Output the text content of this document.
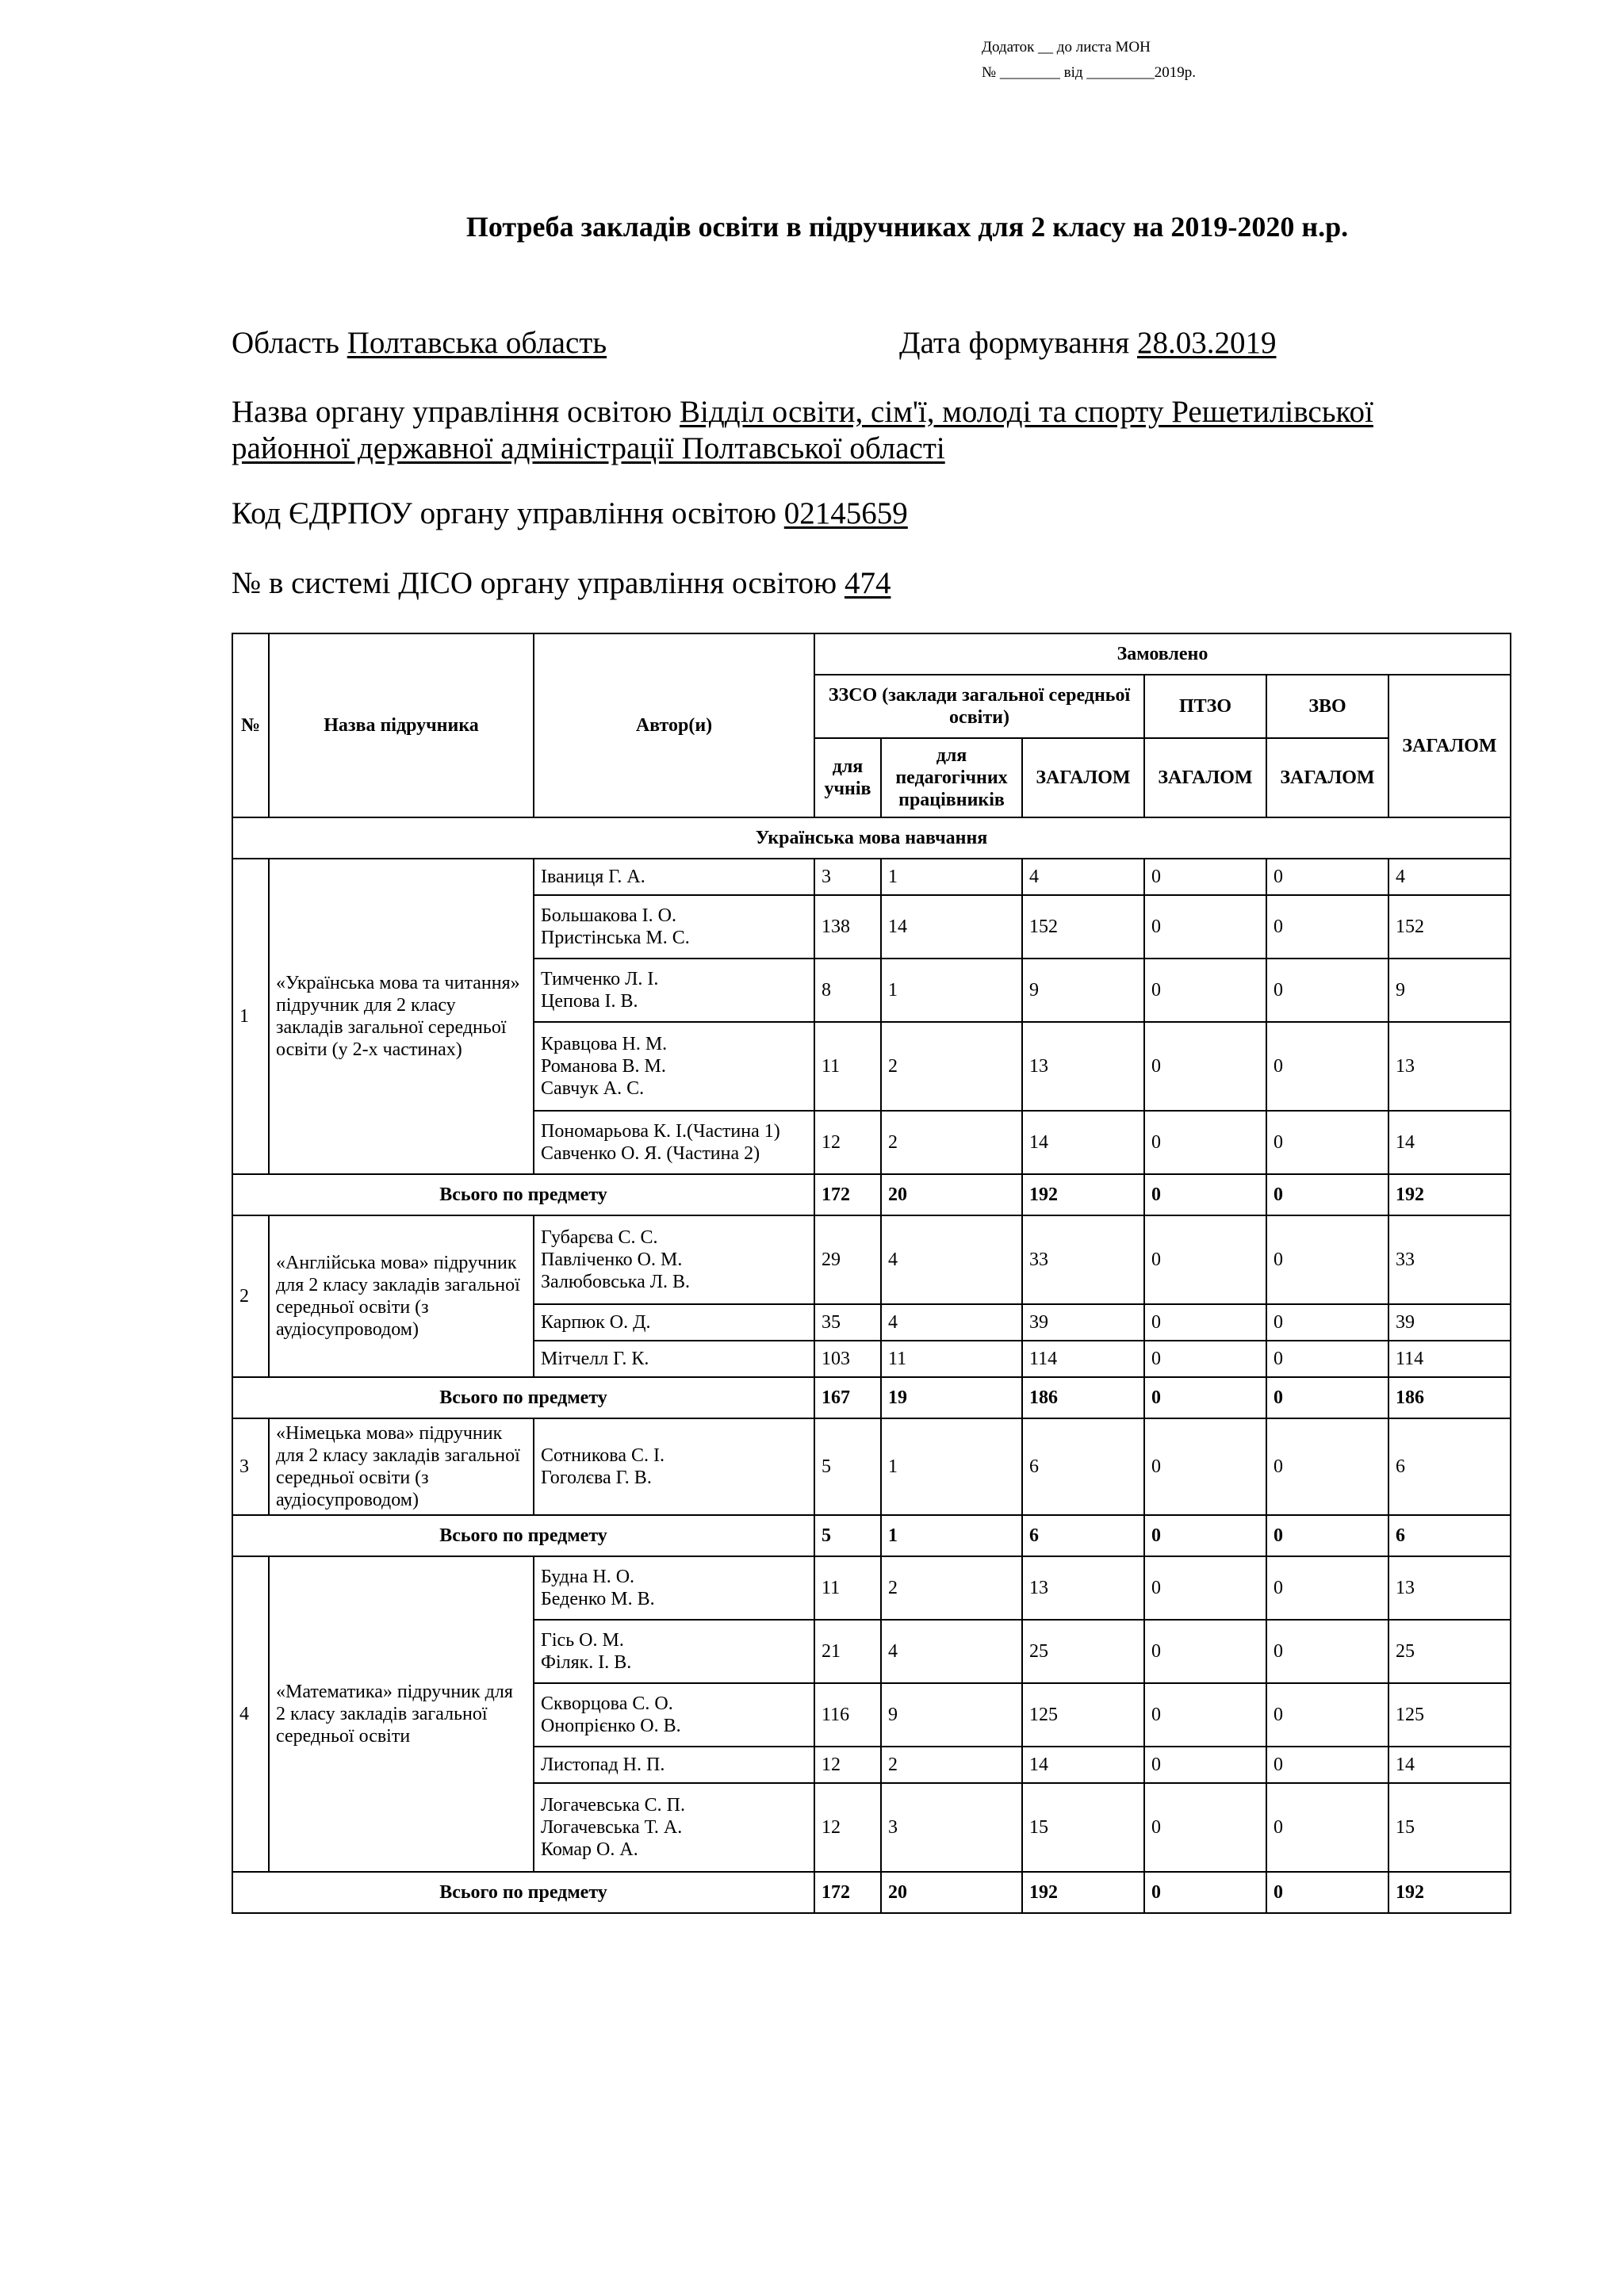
Додаток __ до листа МОН
№ ________ від _________2019р.
Потреба закладів освіти в підручниках для 2 класу на 2019-2020 н.р.
Область Полтавська область	Дата формування 28.03.2019
Назва органу управління освітою Відділ освіти, сім'ї, молоді та спорту Решетилівської районної державної адміністрації Полтавської області
Код ЄДРПОУ органу управління освітою 02145659
№ в системі ДІСО органу управління освітою 474
№	Назва підручника	Автор(и)	Замовлено					
			ЗЗСО (заклади загальної середньої освіти)			ПТЗО	ЗВО	ЗАГАЛОМ
			для учнів	для педагогічних працівників	ЗАГАЛОМ	ЗАГАЛОМ	ЗАГАЛОМ	
Українська мова навчання								
1	«Українська мова та читання» підручник для 2 класу закладів загальної середньої освіти (у 2-х частинах)	Іваниця Г. А.	3	1	4	0	0	4
		Большакова І. О.
Пристінська М. С.	138	14	152	0	0	152
		Тимченко Л. І.
Цепова І. В.	8	1	9	0	0	9
		Кравцова Н. М.
Романова В. М.
Савчук А. С.	11	2	13	0	0	13
		Пономарьова К. І.(Частина 1)
Савченко О. Я. (Частина 2)	12	2	14	0	0	14
Всього по предмету			172	20	192	0	0	192
2	«Англійська мова» підручник для 2 класу закладів загальної середньої освіти (з аудіосупроводом)	Губарєва С. С.
Павліченко О. М.
Залюбовська Л. В.	29	4	33	0	0	33
		Карпюк О. Д.	35	4	39	0	0	39
		Мітчелл Г. К.	103	11	114	0	0	114
Всього по предмету			167	19	186	0	0	186
3	«Німецька мова» підручник для 2 класу закладів загальної середньої освіти (з аудіосупроводом)	Сотникова С. І.
Гоголєва Г. В.	5	1	6	0	0	6
Всього по предмету			5	1	6	0	0	6
4	«Математика» підручник для 2 класу закладів загальної середньої освіти	Будна Н. О.
Беденко М. В.	11	2	13	0	0	13
		Гісь О. М.
Філяк. І. В.	21	4	25	0	0	25
		Скворцова С. О.
Онопрієнко О. В.	116	9	125	0	0	125
		Листопад Н. П.	12	2	14	0	0	14
		Логачевська С. П.
Логачевська Т. А.
Комар О. А.	12	3	15	0	0	15
Всього по предмету			172	20	192	0	0	192
